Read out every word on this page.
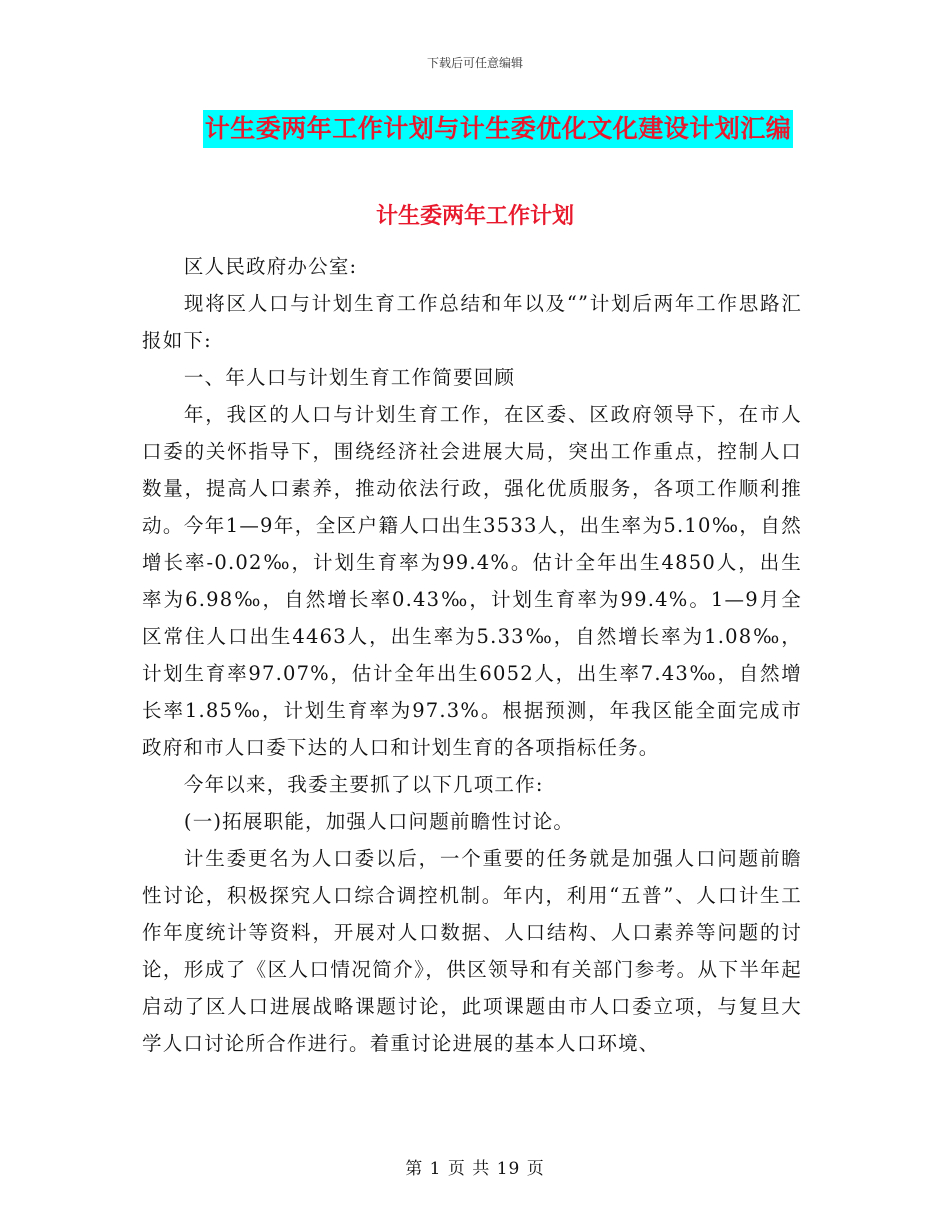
下载后可任意编辑
计生委两年工作计划与计生委优化文化建设计划汇编
计生委两年工作计划

区人民政府办公室:

现将区人口与计划生育工作总结和年以及“”计划后两年工作思路汇报如下:

一、年人口与计划生育工作简要回顾

年，我区的人口与计划生育工作，在区委、区政府领导下，在市人口委的关怀指导下，围绕经济社会进展大局，突出工作重点，控制人口数量，提高人口素养，推动依法行政，强化优质服务，各项工作顺利推动。今年1—9年，全区户籍人口出生3533人，出生率为5.10‰，自然增长率-0.02‰，计划生育率为99.4%。估计全年出生4850人，出生率为6.98‰，自然增长率0.43‰，计划生育率为99.4%。1—9月全区常住人口出生4463人，出生率为5.33‰，自然增长率为1.08‰，计划生育率97.07%，估计全年出生6052人，出生率7.43‰，自然增长率1.85‰，计划生育率为97.3%。根据预测，年我区能全面完成市政府和市人口委下达的人口和计划生育的各项指标任务。

今年以来，我委主要抓了以下几项工作:

(一)拓展职能，加强人口问题前瞻性讨论。

计生委更名为人口委以后，一个重要的任务就是加强人口问题前瞻性讨论，积极探究人口综合调控机制。年内，利用“五普”、人口计生工作年度统计等资料，开展对人口数据、人口结构、人口素养等问题的讨论，形成了《区人口情况简介》，供区领导和有关部门参考。从下半年起启动了区人口进展战略课题讨论，此项课题由市人口委立项，与复旦大学人口讨论所合作进行。着重讨论进展的基本人口环境、

第 1 页 共 19 页
